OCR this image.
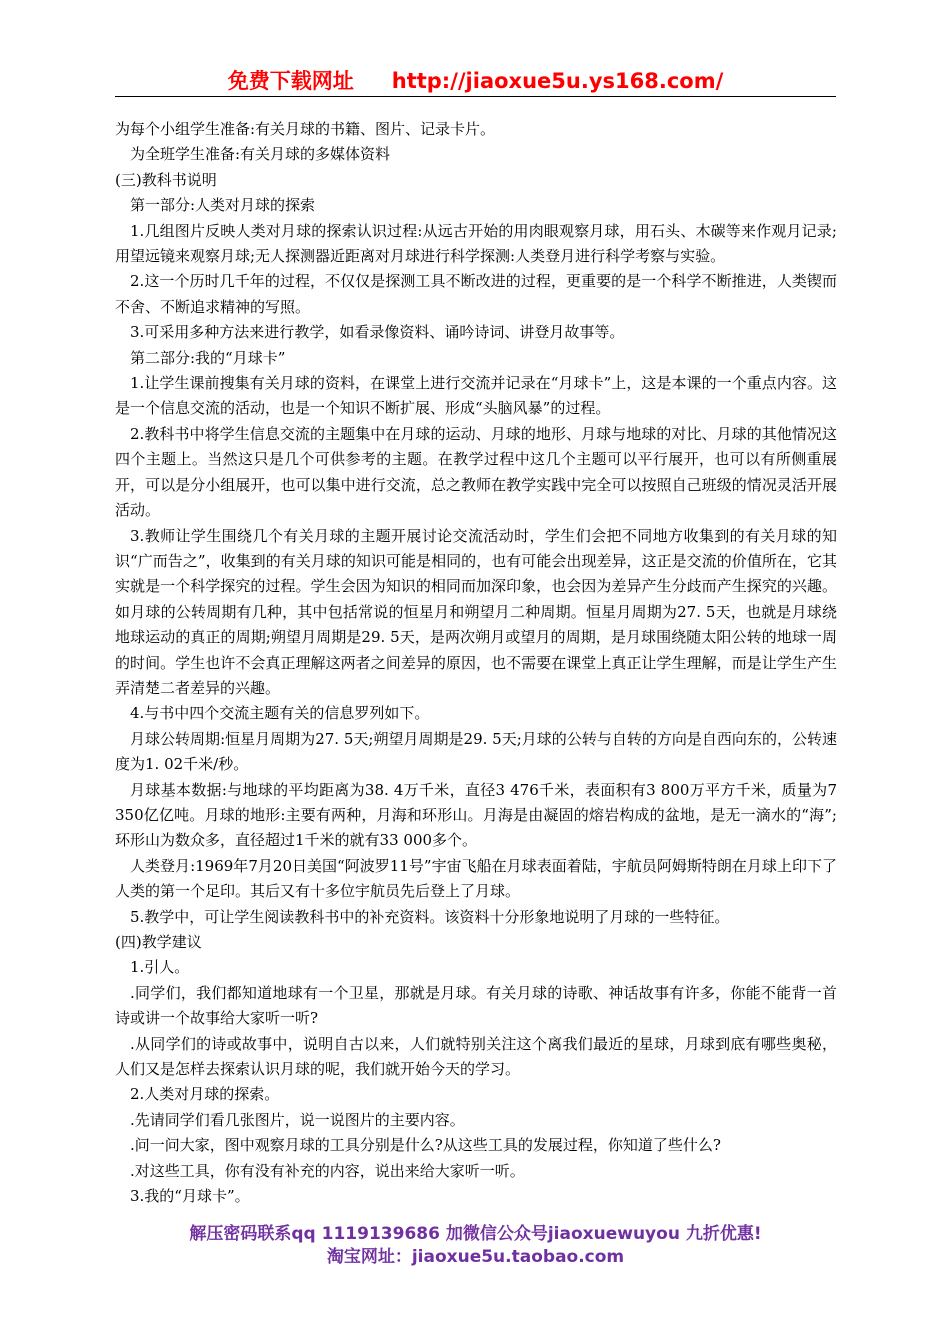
免费下载网址 http://jiaoxue5u.ys168.com/

为每个小组学生准备:有关月球的书籍、图片、记录卡片。

为全班学生准备:有关月球的多媒体资料

(三)教科书说明

第一部分:人类对月球的探索

1.几组图片反映人类对月球的探索认识过程:从远古开始的用肉眼观察月球，用石头、木碳等来作观月记录;用望远镜来观察月球;无人探测器近距离对月球进行科学探测:人类登月进行科学考察与实验。

2.这一个历时几千年的过程，不仅仅是探测工具不断改进的过程，更重要的是一个科学不断推进，人类锲而不舍、不断追求精神的写照。

3.可采用多种方法来进行教学，如看录像资料、诵吟诗词、讲登月故事等。

第二部分:我的“月球卡”

1.让学生课前搜集有关月球的资料，在课堂上进行交流并记录在“月球卡”上，这是本课的一个重点内容。这是一个信息交流的活动，也是一个知识不断扩展、形成“头脑风暴”的过程。

2.教科书中将学生信息交流的主题集中在月球的运动、月球的地形、月球与地球的对比、月球的其他情况这四个主题上。当然这只是几个可供参考的主题。在教学过程中这几个主题可以平行展开，也可以有所侧重展开，可以是分小组展开，也可以集中进行交流，总之教师在教学实践中完全可以按照自己班级的情况灵活开展活动。

3.教师让学生围绕几个有关月球的主题开展讨论交流活动时，学生们会把不同地方收集到的有关月球的知识“广而告之”，收集到的有关月球的知识可能是相同的，也有可能会出现差异，这正是交流的价值所在，它其实就是一个科学探究的过程。学生会因为知识的相同而加深印象，也会因为差异产生分歧而产生探究的兴趣。如月球的公转周期有几种，其中包括常说的恒星月和朔望月二种周期。恒星月周期为27. 5天，也就是月球绕地球运动的真正的周期;朔望月周期是29. 5天，是两次朔月或望月的周期，是月球围绕随太阳公转的地球一周的时间。学生也许不会真正理解这两者之间差异的原因，也不需要在课堂上真正让学生理解，而是让学生产生弄清楚二者差异的兴趣。

4.与书中四个交流主题有关的信息罗列如下。

月球公转周期:恒星月周期为27. 5天;朔望月周期是29. 5天;月球的公转与自转的方向是自西向东的，公转速度为1. 02千米/秒。

月球基本数据:与地球的平均距离为38. 4万千米，直径3 476千米，表面积有3 800万平方千米，质量为7 350亿亿吨。月球的地形:主要有两种，月海和环形山。月海是由凝固的熔岩构成的盆地，是无一滴水的“海”;环形山为数众多，直径超过1千米的就有33 000多个。

人类登月:1969年7月20日美国“阿波罗11号”宇宙飞船在月球表面着陆，宇航员阿姆斯特朗在月球上印下了人类的第一个足印。其后又有十多位宇航员先后登上了月球。

5.教学中，可让学生阅读教科书中的补充资料。该资料十分形象地说明了月球的一些特征。

(四)教学建议

1.引人。

.同学们，我们都知道地球有一个卫星，那就是月球。有关月球的诗歌、神话故事有许多，你能不能背一首诗或讲一个故事给大家听一听?

.从同学们的诗或故事中，说明自古以来，人们就特别关注这个离我们最近的星球，月球到底有哪些奥秘，人们又是怎样去探索认识月球的呢，我们就开始今天的学习。

2.人类对月球的探索。

.先请同学们看几张图片，说一说图片的主要内容。

.问一问大家，图中观察月球的工具分别是什么?从这些工具的发展过程，你知道了些什么?

.对这些工具，你有没有补充的内容，说出来给大家听一听。

3.我的“月球卡”。

解压密码联系qq 1119139686 加微信公众号jiaoxuewuyou 九折优惠!
淘宝网址：jiaoxue5u.taobao.com
